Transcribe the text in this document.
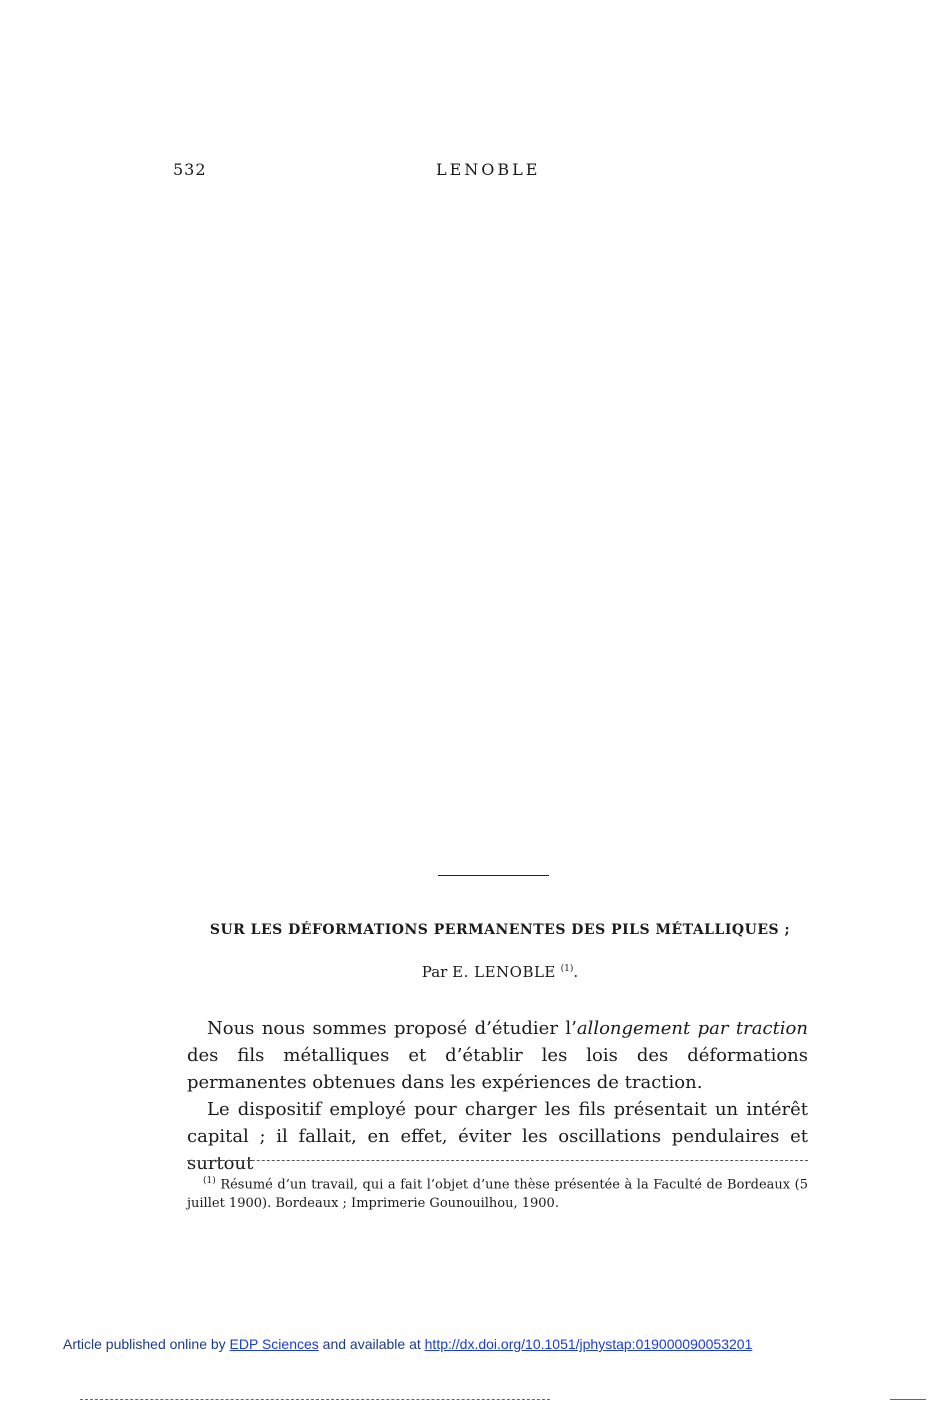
532	LENOBLE
SUR LES DÉFORMATIONS PERMANENTES DES PILS MÉTALLIQUES ;
Par E. LENOBLE $^{(1)}$.

Nous nous sommes proposé d’étudier l’allongement par traction des fils métalliques et d’établir les lois des déformations permanentes obtenues dans les expériences de traction.

Le dispositif employé pour charger les fils présentait un intérêt capital ; il fallait, en effet, éviter les oscillations pendulaires et surtout

$^{(1)}$ Résumé d’un travail, qui a fait l’objet d’une thèse présentée à la Faculté de Bordeaux (5 juillet 1900). Bordeaux ; Imprimerie Gounouilhou, 1900.

Article published online by EDP Sciences and available at http://dx.doi.org/10.1051/jphystap:019000090053201
